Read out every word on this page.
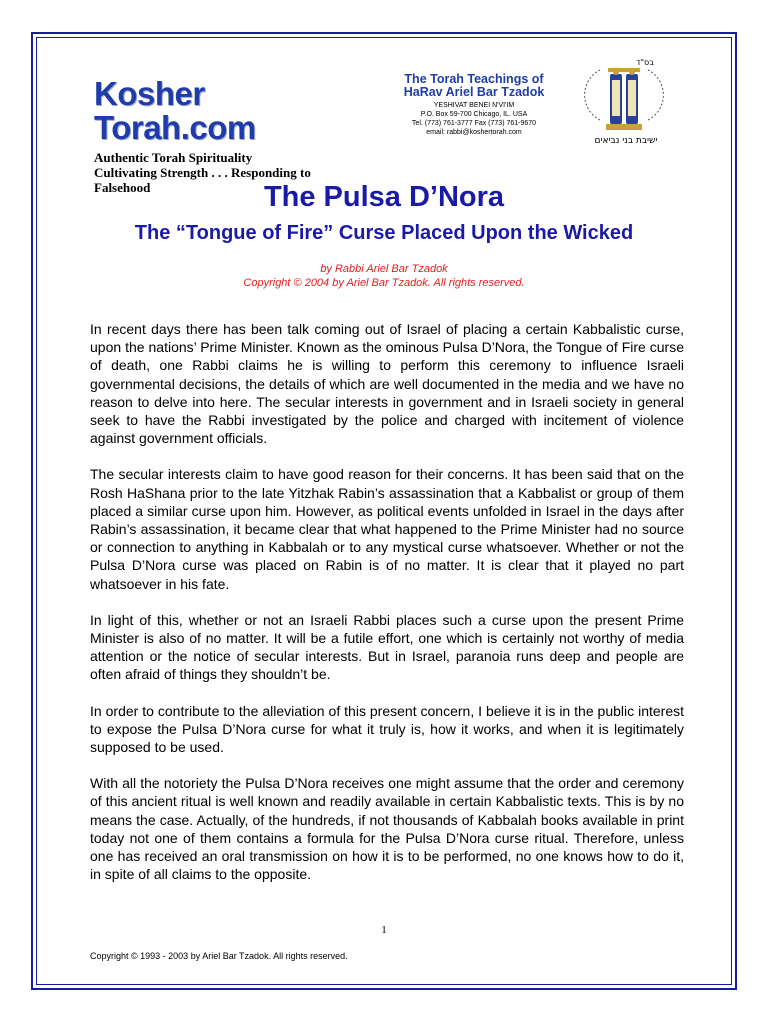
Kosher Torah.com
Authentic Torah Spirituality
Cultivating Strength . . . Responding to Falsehood
The Torah Teachings of
HaRav Ariel Bar Tzadok
YESHIVAT BENEI N'VI'IM
P.O. Box 59-700 Chicago, IL. USA
Tel. (773) 761-3777 Fax (773) 761-9670
email: rabbi@koshertorah.com
בס"ד
ישיבת בני נביאים
The Pulsa D’Nora
The “Tongue of Fire” Curse Placed Upon the Wicked
by Rabbi Ariel Bar Tzadok
Copyright © 2004 by Ariel Bar Tzadok. All rights reserved.

In recent days there has been talk coming out of Israel of placing a certain Kabbalistic curse, upon the nations’ Prime Minister. Known as the ominous Pulsa D’Nora, the Tongue of Fire curse of death, one Rabbi claims he is willing to perform this ceremony to influence Israeli governmental decisions, the details of which are well documented in the media and we have no reason to delve into here. The secular interests in government and in Israeli society in general seek to have the Rabbi investigated by the police and charged with incitement of violence against government officials.

The secular interests claim to have good reason for their concerns. It has been said that on the Rosh HaShana prior to the late Yitzhak Rabin’s assassination that a Kabbalist or group of them placed a similar curse upon him. However, as political events unfolded in Israel in the days after Rabin’s assassination, it became clear that what happened to the Prime Minister had no source or connection to anything in Kabbalah or to any mystical curse whatsoever. Whether or not the Pulsa D’Nora curse was placed on Rabin is of no matter. It is clear that it played no part whatsoever in his fate.

In light of this, whether or not an Israeli Rabbi places such a curse upon the present Prime Minister is also of no matter. It will be a futile effort, one which is certainly not worthy of media attention or the notice of secular interests. But in Israel, paranoia runs deep and people are often afraid of things they shouldn’t be.

In order to contribute to the alleviation of this present concern, I believe it is in the public interest to expose the Pulsa D’Nora curse for what it truly is, how it works, and when it is legitimately supposed to be used.

With all the notoriety the Pulsa D’Nora receives one might assume that the order and ceremony of this ancient ritual is well known and readily available in certain Kabbalistic texts. This is by no means the case. Actually, of the hundreds, if not thousands of Kabbalah books available in print today not one of them contains a formula for the Pulsa D’Nora curse ritual. Therefore, unless one has received an oral transmission on how it is to be performed, no one knows how to do it, in spite of all claims to the opposite.

1
Copyright © 1993 - 2003 by Ariel Bar Tzadok. All rights reserved.
